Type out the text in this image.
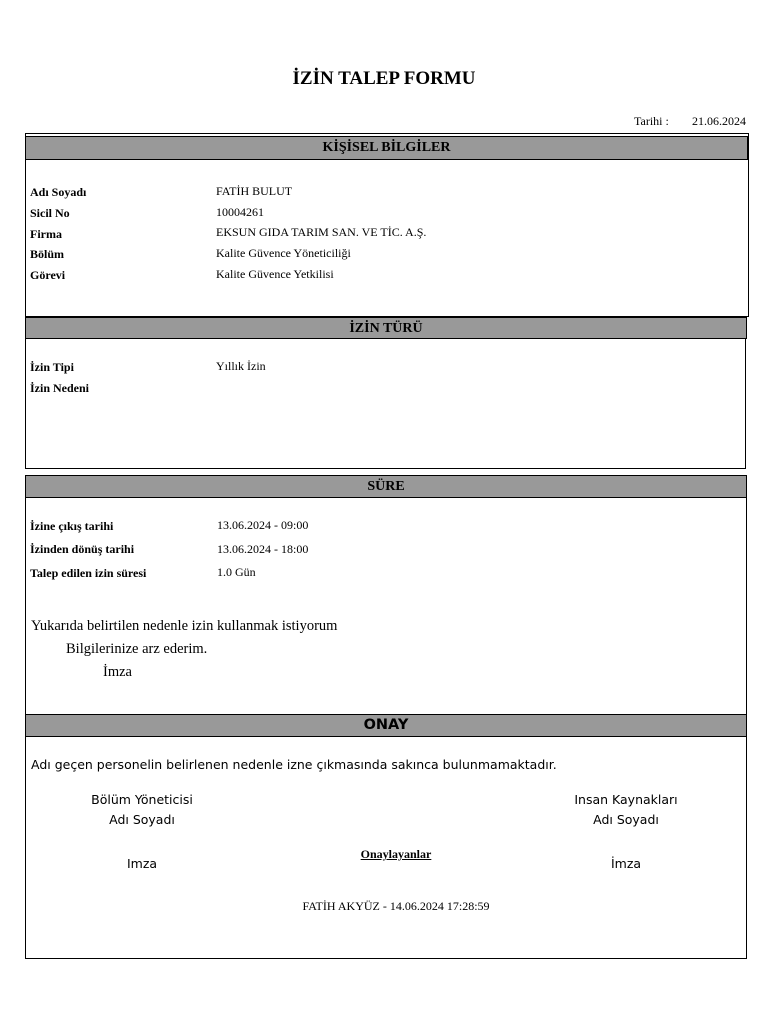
İZİN TALEP FORMU
Tarihi : 21.06.2024
KİŞİSEL BİLGİLER
Adı Soyadı	FATİH BULUT
Sicil No	10004261
Firma	EKSUN GIDA TARIM SAN. VE TİC. A.Ş.
Bölüm	Kalite Güvence Yöneticiliği
Görevi	Kalite Güvence Yetkilisi
İZİN TÜRÜ
İzin Tipi	Yıllık İzin
İzin Nedeni
SÜRE
İzine çıkış tarihi	13.06.2024 - 09:00
İzinden dönüş tarihi	13.06.2024 - 18:00
Talep edilen izin süresi	1.0 Gün
Yukarıda belirtilen nedenle izin kullanmak istiyorum
Bilgilerinize arz ederim.
İmza
ONAY
Adı geçen personelin belirlenen nedenle izne çıkmasında sakınca bulunmamaktadır.
Bölüm Yöneticisi
Adı Soyadı
Imza
Insan Kaynakları
Adı Soyadı
İmza
Onaylayanlar
FATİH AKYÜZ - 14.06.2024 17:28:59
